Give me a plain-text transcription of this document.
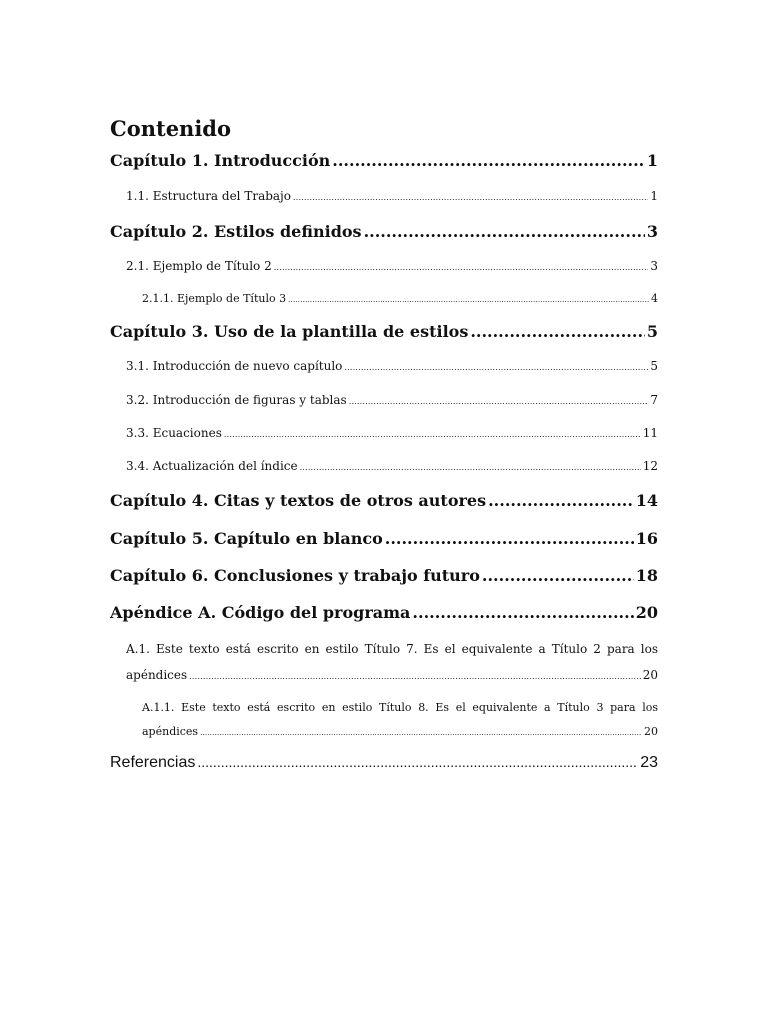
Contenido
Capítulo 1. Introducción .....	1
1.1. Estructura del Trabajo .....	1
Capítulo 2. Estilos definidos .....	3
2.1. Ejemplo de Título 2 .....	3
2.1.1. Ejemplo de Título 3 .....	4
Capítulo 3. Uso de la plantilla de estilos .....	5
3.1. Introducción de nuevo capítulo .....	5
3.2. Introducción de figuras y tablas .....	7
3.3. Ecuaciones .....	11
3.4. Actualización del índice .....	12
Capítulo 4. Citas y textos de otros autores .....	14
Capítulo 5. Capítulo en blanco .....	16
Capítulo 6. Conclusiones y trabajo futuro .....	18
Apéndice A. Código del programa .....	20
A.1. Este texto está escrito en estilo Título 7. Es el equivalente a Título 2 para los
apéndices .....	20
A.1.1. Este texto está escrito en estilo Título 8. Es el equivalente a Título 3 para los
apéndices .....	20
Referencias .....	23
